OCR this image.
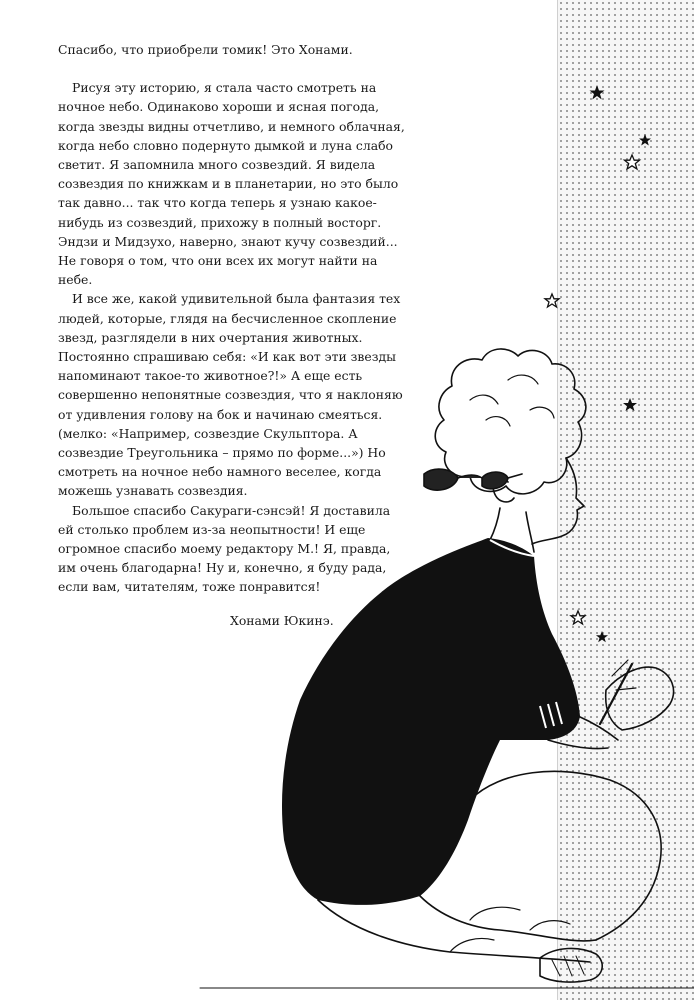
Спасибо, что приобрели томик! Это Хонами.

Рисуя эту историю, я стала часто смотреть на ночное небо. Одинаково хороши и ясная погода, когда звезды видны отчетливо, и немного облачная, когда небо словно подернуто дымкой и луна слабо светит. Я запомнила много созвездий. Я видела созвездия по книжкам и в планетарии, но это было так давно... так что когда теперь я узнаю какое-нибудь из созвездий, прихожу в полный восторг. Эндзи и Мидзухо, наверно, знают кучу созвездий... Не говоря о том, что они всех их могут найти на небе.

И все же, какой удивительной была фантазия тех людей, которые, глядя на бесчисленное скопление звезд, разглядели в них очертания животных. Постоянно спрашиваю себя: «И как вот эти звезды напоминают такое-то животное?!» А еще есть совершенно непонятные созвездия, что я наклоняю от удивления голову на бок и начинаю смеяться. (мелко: «Например, созвездие Скульптора. А созвездие Треугольника – прямо по форме...») Но смотреть на ночное небо намного веселее, когда можешь узнавать созвездия.

Большое спасибо Сакураги-сэнсэй! Я доставила ей столько проблем из-за неопытности! И еще огромное спасибо моему редактору М.! Я, правда, им очень благодарна! Ну и, конечно, я буду рада, если вам, читателям, тоже понравится!

Хонами Юкинэ.
